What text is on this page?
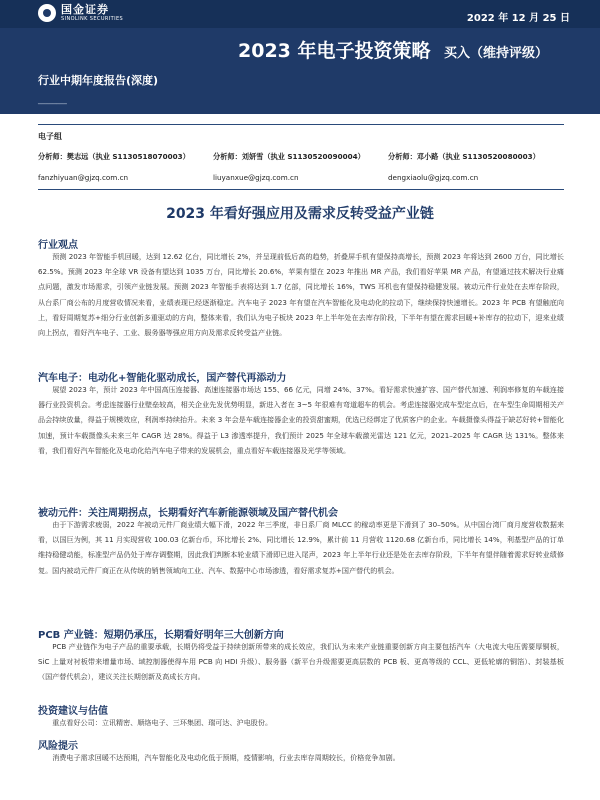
国金证券
SINOLINK SECURITIES	2022 年 12 月 25 日
2023 年电子投资策略 买入（维持评级）
行业中期年度报告(深度)
────────
电子组
分析师：樊志远（执业 S1130518070003）	分析师：刘妍雪（执业 S1130520090004）	分析师：邓小路（执业 S1130520080003）
fanzhiyuan@gjzq.com.cn	liuyanxue@gjzq.com.cn	dengxiaolu@gjzq.com.cn
2023 年看好强应用及需求反转受益产业链
行业观点

预测 2023 年智能手机回暖，达到 12.62 亿台，同比增长 2%，并呈现前低后高的趋势，折叠屏手机有望保持高增长，预测 2023 年将达到 2600 万台，同比增长 62.5%。预测 2023 年全球 VR 设备有望达到 1035 万台，同比增长 20.6%，苹果有望在 2023 年推出 MR 产品，我们看好苹果 MR 产品，有望通过技术解决行业痛点问题，激发市场需求，引领产业链发展。预测 2023 年智能手表将达到 1.7 亿部，同比增长 16%，TWS 耳机也有望保持稳健发展。被动元件行业处在去库存阶段，从台系厂商公布的月度营收情况来看，业绩表现已经逐渐稳定。汽车电子 2023 年有望在汽车智能化及电动化的拉动下，继续保持快速增长。2023 年 PCB 有望触底向上，看好周期复苏+细分行业创新多重驱动的方向，整体来看，我们认为电子板块 2023 年上半年处在去库存阶段，下半年有望在需求回暖+补库存的拉动下，迎来业绩向上拐点，看好汽车电子、工业、服务器等强应用方向及需求反转受益产业链。

汽车电子：电动化+智能化驱动成长，国产替代再添动力

展望 2023 年，预计 2023 年中国高压连接器、高速连接器市场达 155、66 亿元，同增 24%、37%。看好需求快速扩容、国产替代加速、利润率修复的车载连接器行业投资机会。考虑连接器行业壁垒较高，相关企业先发优势明显，新进入者在 3~5 年很难有弯道超车的机会。考虑连接器完成车型定点后，在车型生命周期相关产品会持续放量，得益于规模效应，利润率持续抬升。未来 3 年会是车载连接器企业的投资甜蜜期，优选已经绑定了优质客户的企业。车载摄像头得益于缺芯好转+智能化加速，预计车载摄像头未来三年 CAGR 达 28%。得益于 L3 渗透率提升，我们预计 2025 年全球车载激光雷达 121 亿元，2021–2025 年 CAGR 达 131%。整体来看，我们看好汽车智能化及电动化给汽车电子带来的发展机会，重点看好车载连接器及光学等领域。

被动元件：关注周期拐点，长期看好汽车新能源领域及国产替代机会

由于下游需求疲弱，2022 年被动元件厂商业绩大幅下滑，2022 年三季度，非日系厂商 MLCC 的稼动率更是下滑到了 30–50%。从中国台湾厂商月度营收数据来看，以国巨为例，其 11 月实现营收 100.03 亿新台币，环比增长 2%、同比增长 12.9%，累计前 11 月营收 1120.68 亿新台币，同比增长 14%，利基型产品的订单维持稳健动能，标准型产品仍处于库存调整期，因此我们判断本轮业绩下滑即已进入尾声，2023 年上半年行业还是处在去库存阶段，下半年有望伴随着需求好转业绩修复。国内被动元件厂商正在从传统的销售领域向工业、汽车、数据中心市场渗透，看好需求复苏+国产替代的机会。

PCB 产业链：短期仍承压，长期看好明年三大创新方向

PCB 产业链作为电子产品的重要承载，长期仍将受益于持续创新所带来的成长效应，我们认为未来产业链重要创新方向主要包括汽车（大电流大电压需要厚铜板，SiC 上量对衬板带来增量市场、域控制器使得车用 PCB 向 HDI 升级）、服务器（新平台升级需要更高层数的 PCB 板、更高等级的 CCL、更低轮廓的铜箔）、封装基板（国产替代机会），建议关注长期创新及高成长方向。

投资建议与估值

重点看好公司：立讯精密、顺络电子、三环集团、瑞可达、沪电股份。

风险提示

消费电子需求回暖不达预期，汽车智能化及电动化低于预期，疫情影响，行业去库存周期较长，价格竞争加剧。
